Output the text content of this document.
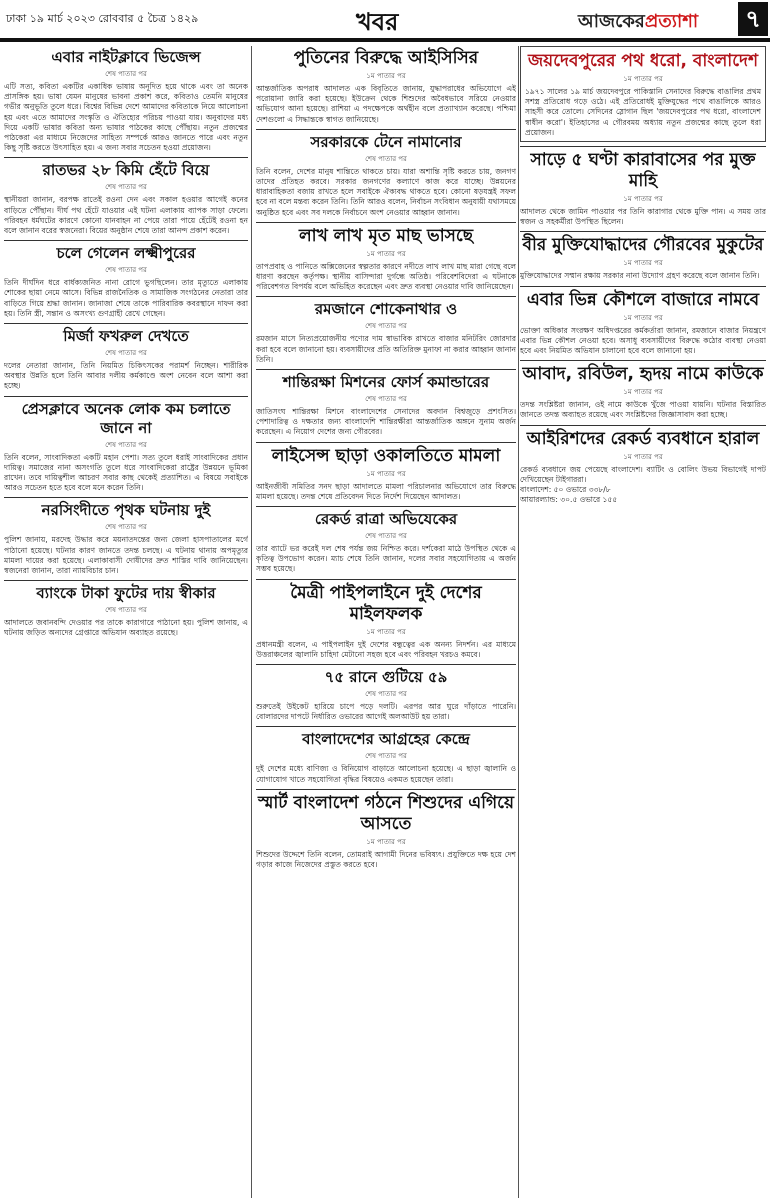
ঢাকা ১৯ মার্চ ২০২৩ রোববার ৫ চৈত্র ১৪২৯	খবর	আজকেরপ্রত্যাশা ৭
এবার নাইটক্লাবে ভিজেন্স
শেষ পাতার পর

এটি সত্য, কবিতা একটির একাধিক ভাষায় অনূদিত হয়ে থাকে এবং তা অনেক প্রাসঙ্গিক হয়। ভাষা যেমন মানুষের ভাবনা প্রকাশ করে, কবিতাও তেমনি মানুষের গভীর অনুভূতি তুলে ধরে। বিশ্বের বিভিন্ন দেশে আমাদের কবিতাকে নিয়ে আলোচনা হয় এবং এতে আমাদের সংস্কৃতি ও ঐতিহ্যের পরিচয় পাওয়া যায়। অনুবাদের মধ্য দিয়ে একটি ভাষার কবিতা অন্য ভাষার পাঠকের কাছে পৌঁছায়। নতুন প্রজন্মের পাঠকেরা এর মাধ্যমে নিজেদের সাহিত্য সম্পর্কে আরও জানতে পারে এবং নতুন কিছু সৃষ্টি করতে উৎসাহিত হয়। এ জন্য সবার সচেতন হওয়া প্রয়োজন।

রাতভর ২৮ কিমি হেঁটে বিয়ে
শেষ পাতার পর

স্থানীয়রা জানান, বরপক্ষ রাতেই রওনা দেন এবং সকাল হওয়ার আগেই কনের বাড়িতে পৌঁছান। দীর্ঘ পথ হেঁটে যাওয়ার এই ঘটনা এলাকায় ব্যাপক সাড়া ফেলে। পরিবহন ধর্মঘটের কারণে কোনো যানবাহন না পেয়ে তারা পায়ে হেঁটেই রওনা হন বলে জানান বরের স্বজনেরা। বিয়ের অনুষ্ঠান শেষে তারা আনন্দ প্রকাশ করেন।

চলে গেলেন লক্ষ্মীপুরের
শেষ পাতার পর

তিনি দীর্ঘদিন ধরে বার্ধক্যজনিত নানা রোগে ভুগছিলেন। তার মৃত্যুতে এলাকায় শোকের ছায়া নেমে আসে। বিভিন্ন রাজনৈতিক ও সামাজিক সংগঠনের নেতারা তার বাড়িতে গিয়ে শ্রদ্ধা জানান। জানাজা শেষে তাকে পারিবারিক কবরস্থানে দাফন করা হয়। তিনি স্ত্রী, সন্তান ও অসংখ্য গুণগ্রাহী রেখে গেছেন।

মির্জা ফখরুল দেখতে
শেষ পাতার পর

দলের নেতারা জানান, তিনি নিয়মিত চিকিৎসকের পরামর্শ নিচ্ছেন। শারীরিক অবস্থার উন্নতি হলে তিনি আবার দলীয় কর্মকাণ্ডে অংশ নেবেন বলে আশা করা হচ্ছে।

প্রেসক্লাবে অনেক লোক কম চলাতে জানে না
শেষ পাতার পর

তিনি বলেন, সাংবাদিকতা একটি মহান পেশা। সত্য তুলে ধরাই সাংবাদিকের প্রধান দায়িত্ব। সমাজের নানা অসংগতি তুলে ধরে সাংবাদিকেরা রাষ্ট্রের উন্নয়নে ভূমিকা রাখেন। তবে দায়িত্বশীল আচরণ সবার কাছ থেকেই প্রত্যাশিত। এ বিষয়ে সবাইকে আরও সচেতন হতে হবে বলে মনে করেন তিনি।

নরসিংদীতে পৃথক ঘটনায় দুই
শেষ পাতার পর

পুলিশ জানায়, মরদেহ উদ্ধার করে ময়নাতদন্তের জন্য জেলা হাসপাতালের মর্গে পাঠানো হয়েছে। ঘটনার কারণ জানতে তদন্ত চলছে। এ ঘটনায় থানায় অপমৃত্যুর মামলা দায়ের করা হয়েছে। এলাকাবাসী দোষীদের দ্রুত শাস্তির দাবি জানিয়েছেন। স্বজনেরা জানান, তারা ন্যায়বিচার চান।

ব্যাংকে টাকা ফুটের দায় স্বীকার
শেষ পাতার পর

আদালতে জবানবন্দি দেওয়ার পর তাকে কারাগারে পাঠানো হয়। পুলিশ জানায়, এ ঘটনায় জড়িত অন্যদের গ্রেপ্তারে অভিযান অব্যাহত রয়েছে।

পুতিনের বিরুদ্ধে আইসিসির
১ম পাতার পর

আন্তর্জাতিক অপরাধ আদালত এক বিবৃতিতে জানায়, যুদ্ধাপরাধের অভিযোগে এই পরোয়ানা জারি করা হয়েছে। ইউক্রেন থেকে শিশুদের অবৈধভাবে সরিয়ে নেওয়ার অভিযোগ আনা হয়েছে। রাশিয়া এ পদক্ষেপকে অর্থহীন বলে প্রত্যাখ্যান করেছে। পশ্চিমা দেশগুলো এ সিদ্ধান্তকে স্বাগত জানিয়েছে।

সরকারকে টেনে নামানোর
শেষ পাতার পর

তিনি বলেন, দেশের মানুষ শান্তিতে থাকতে চায়। যারা অশান্তি সৃষ্টি করতে চায়, জনগণ তাদের প্রতিহত করবে। সরকার জনগণের কল্যাণে কাজ করে যাচ্ছে। উন্নয়নের ধারাবাহিকতা বজায় রাখতে হলে সবাইকে ঐক্যবদ্ধ থাকতে হবে। কোনো ষড়যন্ত্রই সফল হবে না বলে মন্তব্য করেন তিনি। তিনি আরও বলেন, নির্বাচন সংবিধান অনুযায়ী যথাসময়ে অনুষ্ঠিত হবে এবং সব দলকে নির্বাচনে অংশ নেওয়ার আহ্বান জানান।

লাখ লাখ মৃত মাছ ভাসছে
১ম পাতার পর

তাপপ্রবাহ ও পানিতে অক্সিজেনের স্বল্পতার কারণে নদীতে লাখ লাখ মাছ মারা গেছে বলে ধারণা করছেন কর্তৃপক্ষ। স্থানীয় বাসিন্দারা দুর্গন্ধে অতিষ্ঠ। পরিবেশবিদেরা এ ঘটনাকে পরিবেশগত বিপর্যয় বলে অভিহিত করেছেন এবং দ্রুত ব্যবস্থা নেওয়ার দাবি জানিয়েছেন।

রমজানে শোকেনাথার ও
শেষ পাতার পর

রমজান মাসে নিত্যপ্রয়োজনীয় পণ্যের দাম স্বাভাবিক রাখতে বাজার মনিটরিং জোরদার করা হবে বলে জানানো হয়। ব্যবসায়ীদের প্রতি অতিরিক্ত মুনাফা না করার আহ্বান জানান তিনি।

শান্তিরক্ষা মিশনের ফোর্স কমান্ডারের
শেষ পাতার পর

জাতিসংঘ শান্তিরক্ষা মিশনে বাংলাদেশের সেনাদের অবদান বিশ্বজুড়ে প্রশংসিত। পেশাদারিত্ব ও দক্ষতার জন্য বাংলাদেশি শান্তিরক্ষীরা আন্তর্জাতিক অঙ্গনে সুনাম অর্জন করেছেন। এ নিয়োগ দেশের জন্য গৌরবের।

লাইসেন্স ছাড়া ওকালতিতে মামলা
১ম পাতার পর

আইনজীবী সমিতির সনদ ছাড়া আদালতে মামলা পরিচালনার অভিযোগে তার বিরুদ্ধে মামলা হয়েছে। তদন্ত শেষে প্রতিবেদন দিতে নির্দেশ দিয়েছেন আদালত।

রেকর্ড রাত্রা অভিযেকের
শেষ পাতার পর

তার ব্যাটে ভর করেই দল শেষ পর্যন্ত জয় নিশ্চিত করে। দর্শকেরা মাঠে উপস্থিত থেকে এ কৃতিত্ব উপভোগ করেন। ম্যাচ শেষে তিনি জানান, দলের সবার সহযোগিতায় এ অর্জন সম্ভব হয়েছে।

মৈত্রী পাইপলাইনে দুই দেশের মাইলফলক
১ম পাতার পর

প্রধানমন্ত্রী বলেন, এ পাইপলাইন দুই দেশের বন্ধুত্বের এক অনন্য নিদর্শন। এর মাধ্যমে উত্তরাঞ্চলের জ্বালানি চাহিদা মেটানো সহজ হবে এবং পরিবহন খরচও কমবে।

৭৫ রানে গুটিয়ে ৫৯
শেষ পাতার পর

শুরুতেই উইকেট হারিয়ে চাপে পড়ে দলটি। এরপর আর ঘুরে দাঁড়াতে পারেনি। বোলারদের দাপটে নির্ধারিত ওভারের আগেই অলআউট হয় তারা।

বাংলাদেশের আগ্রহের কেন্দ্রে
শেষ পাতার পর

দুই দেশের মধ্যে বাণিজ্য ও বিনিয়োগ বাড়াতে আলোচনা হয়েছে। এ ছাড়া জ্বালানি ও যোগাযোগ খাতে সহযোগিতা বৃদ্ধির বিষয়েও একমত হয়েছেন তারা।

স্মার্ট বাংলাদেশ গঠনে শিশুদের এগিয়ে আসতে
১ম পাতার পর

শিশুদের উদ্দেশে তিনি বলেন, তোমরাই আগামী দিনের ভবিষ্যৎ। প্রযুক্তিতে দক্ষ হয়ে দেশ গড়ার কাজে নিজেদের প্রস্তুত করতে হবে।

জয়দেবপুরের পথ ধরো, বাংলাদেশ
১ম পাতার পর

১৯৭১ সালের ১৯ মার্চ জয়দেবপুরে পাকিস্তানি সেনাদের বিরুদ্ধে বাঙালির প্রথম সশস্ত্র প্রতিরোধ গড়ে ওঠে। এই প্রতিরোধই মুক্তিযুদ্ধের পথে বাঙালিকে আরও সাহসী করে তোলে। সেদিনের স্লোগান ছিল 'জয়দেবপুরের পথ ধরো, বাংলাদেশ স্বাধীন করো'। ইতিহাসের এ গৌরবময় অধ্যায় নতুন প্রজন্মের কাছে তুলে ধরা প্রয়োজন।

সাড়ে ৫ ঘণ্টা কারাবাসের পর মুক্ত মাহি
১ম পাতার পর

আদালত থেকে জামিন পাওয়ার পর তিনি কারাগার থেকে মুক্তি পান। এ সময় তার স্বজন ও সহকর্মীরা উপস্থিত ছিলেন।

বীর মুক্তিযোদ্ধাদের গৌরবের মুকুটের
১ম পাতার পর

মুক্তিযোদ্ধাদের সম্মান রক্ষায় সরকার নানা উদ্যোগ গ্রহণ করেছে বলে জানান তিনি।

এবার ভিন্ন কৌশলে বাজারে নামবে
১ম পাতার পর

ভোক্তা অধিকার সংরক্ষণ অধিদপ্তরের কর্মকর্তারা জানান, রমজানে বাজার নিয়ন্ত্রণে এবার ভিন্ন কৌশল নেওয়া হবে। অসাধু ব্যবসায়ীদের বিরুদ্ধে কঠোর ব্যবস্থা নেওয়া হবে এবং নিয়মিত অভিযান চালানো হবে বলে জানানো হয়।

আবাদ, রবিউল, হৃদয় নামে কাউকে
১ম পাতার পর

তদন্ত সংশ্লিষ্টরা জানান, ওই নামে কাউকে খুঁজে পাওয়া যায়নি। ঘটনার বিস্তারিত জানতে তদন্ত অব্যাহত রয়েছে এবং সংশ্লিষ্টদের জিজ্ঞাসাবাদ করা হচ্ছে।

আইরিশদের রেকর্ড ব্যবধানে হারাল
১ম পাতার পর

রেকর্ড ব্যবধানে জয় পেয়েছে বাংলাদেশ। ব্যাটিং ও বোলিং উভয় বিভাগেই দাপট দেখিয়েছেন টাইগাররা।

বাংলাদেশ: ৫০ ওভারে ৩৩৮/৮
আয়ারল্যান্ড: ৩০.৫ ওভারে ১৫৫
